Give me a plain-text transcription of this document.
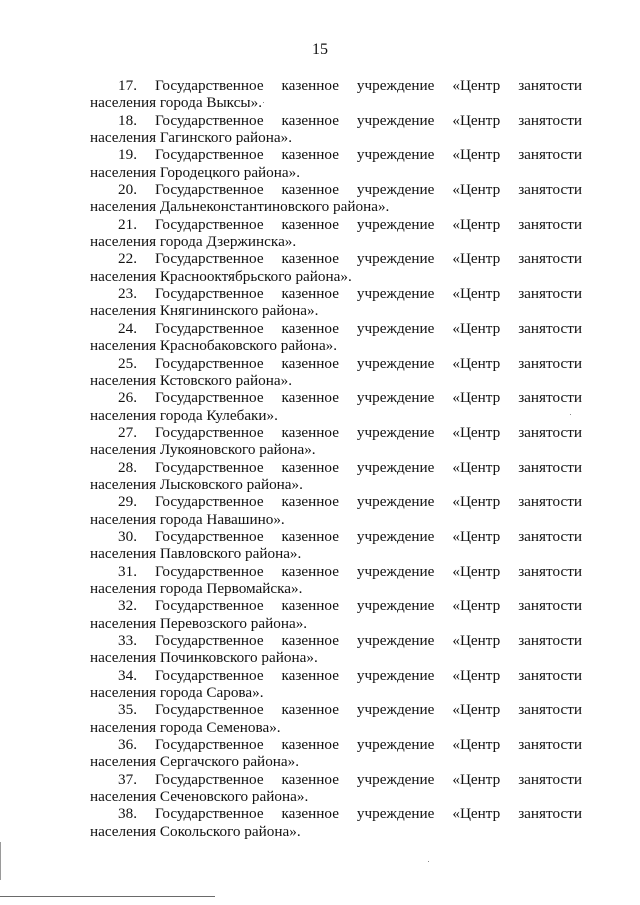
15
17. Государственное казенное учреждение «Центр занятости
населения города Выксы».
18. Государственное казенное учреждение «Центр занятости
населения Гагинского района».
19. Государственное казенное учреждение «Центр занятости
населения Городецкого района».
20. Государственное казенное учреждение «Центр занятости
населения Дальнеконстантиновского района».
21. Государственное казенное учреждение «Центр занятости
населения города Дзержинска».
22. Государственное казенное учреждение «Центр занятости
населения Краснооктябрьского района».
23. Государственное казенное учреждение «Центр занятости
населения Княгининского района».
24. Государственное казенное учреждение «Центр занятости
населения Краснобаковского района».
25. Государственное казенное учреждение «Центр занятости
населения Кстовского района».
26. Государственное казенное учреждение «Центр занятости
населения города Кулебаки».
27. Государственное казенное учреждение «Центр занятости
населения Лукояновского района».
28. Государственное казенное учреждение «Центр занятости
населения Лысковского района».
29. Государственное казенное учреждение «Центр занятости
населения города Навашино».
30. Государственное казенное учреждение «Центр занятости
населения Павловского района».
31. Государственное казенное учреждение «Центр занятости
населения города Первомайска».
32. Государственное казенное учреждение «Центр занятости
населения Перевозского района».
33. Государственное казенное учреждение «Центр занятости
населения Починковского района».
34. Государственное казенное учреждение «Центр занятости
населения города Сарова».
35. Государственное казенное учреждение «Центр занятости
населения города Семенова».
36. Государственное казенное учреждение «Центр занятости
населения Сергачского района».
37. Государственное казенное учреждение «Центр занятости
населения Сеченовского района».
38. Государственное казенное учреждение «Центр занятости
населения Сокольского района».
